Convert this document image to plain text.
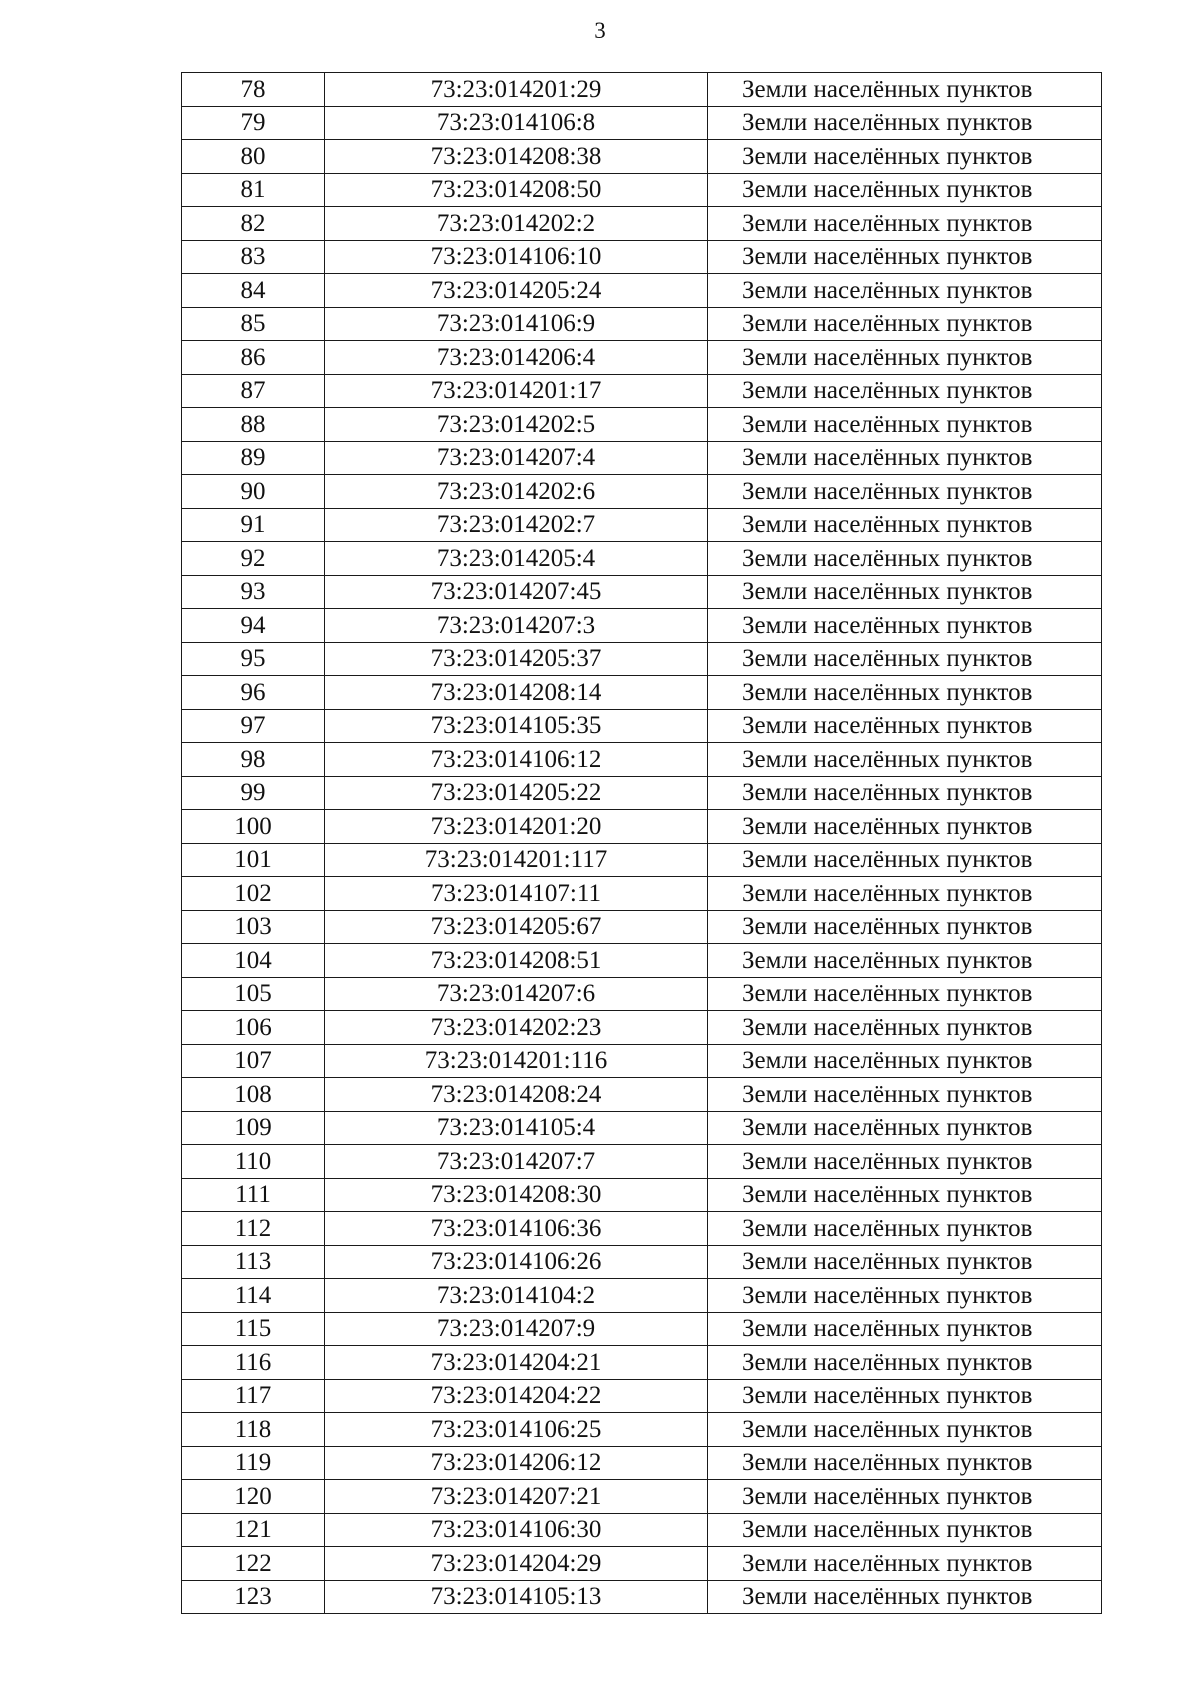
3
78	73:23:014201:29	Земли населённых пунктов
79	73:23:014106:8	Земли населённых пунктов
80	73:23:014208:38	Земли населённых пунктов
81	73:23:014208:50	Земли населённых пунктов
82	73:23:014202:2	Земли населённых пунктов
83	73:23:014106:10	Земли населённых пунктов
84	73:23:014205:24	Земли населённых пунктов
85	73:23:014106:9	Земли населённых пунктов
86	73:23:014206:4	Земли населённых пунктов
87	73:23:014201:17	Земли населённых пунктов
88	73:23:014202:5	Земли населённых пунктов
89	73:23:014207:4	Земли населённых пунктов
90	73:23:014202:6	Земли населённых пунктов
91	73:23:014202:7	Земли населённых пунктов
92	73:23:014205:4	Земли населённых пунктов
93	73:23:014207:45	Земли населённых пунктов
94	73:23:014207:3	Земли населённых пунктов
95	73:23:014205:37	Земли населённых пунктов
96	73:23:014208:14	Земли населённых пунктов
97	73:23:014105:35	Земли населённых пунктов
98	73:23:014106:12	Земли населённых пунктов
99	73:23:014205:22	Земли населённых пунктов
100	73:23:014201:20	Земли населённых пунктов
101	73:23:014201:117	Земли населённых пунктов
102	73:23:014107:11	Земли населённых пунктов
103	73:23:014205:67	Земли населённых пунктов
104	73:23:014208:51	Земли населённых пунктов
105	73:23:014207:6	Земли населённых пунктов
106	73:23:014202:23	Земли населённых пунктов
107	73:23:014201:116	Земли населённых пунктов
108	73:23:014208:24	Земли населённых пунктов
109	73:23:014105:4	Земли населённых пунктов
110	73:23:014207:7	Земли населённых пунктов
111	73:23:014208:30	Земли населённых пунктов
112	73:23:014106:36	Земли населённых пунктов
113	73:23:014106:26	Земли населённых пунктов
114	73:23:014104:2	Земли населённых пунктов
115	73:23:014207:9	Земли населённых пунктов
116	73:23:014204:21	Земли населённых пунктов
117	73:23:014204:22	Земли населённых пунктов
118	73:23:014106:25	Земли населённых пунктов
119	73:23:014206:12	Земли населённых пунктов
120	73:23:014207:21	Земли населённых пунктов
121	73:23:014106:30	Земли населённых пунктов
122	73:23:014204:29	Земли населённых пунктов
123	73:23:014105:13	Земли населённых пунктов
